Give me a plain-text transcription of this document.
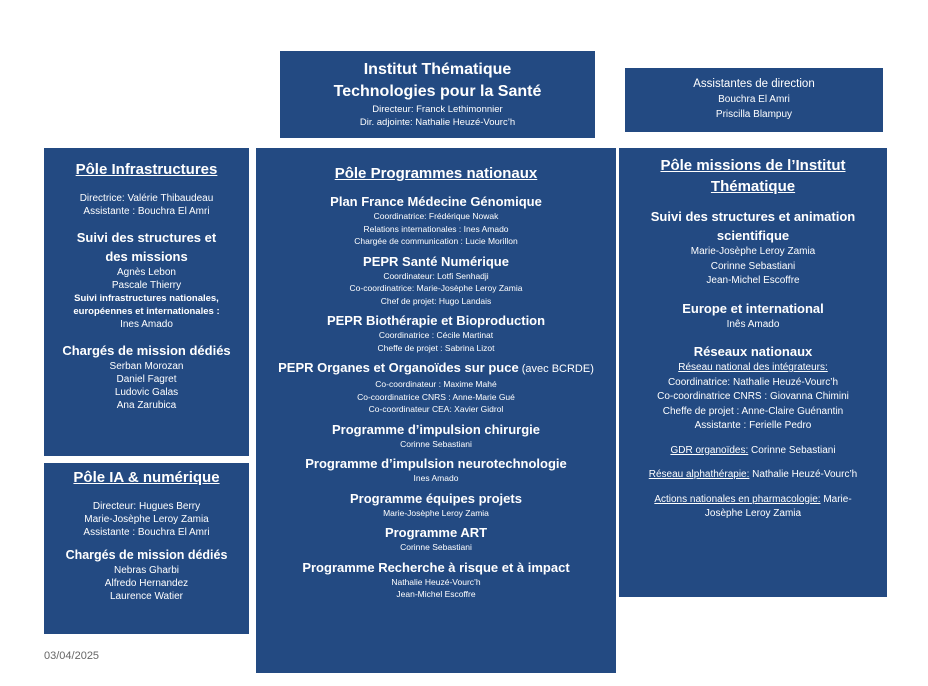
Institut Thématique
Technologies pour la Santé
Directeur: Franck Lethimonnier
Dir. adjointe: Nathalie Heuzé-Vourc’h
Assistantes de direction
Bouchra El Amri
Priscilla Blampuy
Pôle Infrastructures
Directrice: Valérie Thibaudeau
Assistante : Bouchra El Amri
Suivi des structures et
des missions
Agnès Lebon
Pascale Thierry
Suivi infrastructures nationales,
européennes et internationales :
Ines Amado
Chargés de mission dédiés
Serban Morozan
Daniel Fagret
Ludovic Galas
Ana Zarubica
Pôle IA & numérique
Directeur: Hugues Berry
Marie-Josèphe Leroy Zamia
Assistante : Bouchra El Amri
Chargés de mission dédiés
Nebras Gharbi
Alfredo Hernandez
Laurence Watier
Pôle Programmes nationaux
Plan France Médecine Génomique
Coordinatrice: Frédérique Nowak
Relations internationales : Ines Amado
Chargée de communication : Lucie Morillon
PEPR Santé Numérique
Coordinateur: Lotfi Senhadji
Co-coordinatrice: Marie-Josèphe Leroy Zamia
Chef de projet: Hugo Landais
PEPR Biothérapie et Bioproduction
Coordinatrice : Cécile Martinat
Cheffe de projet : Sabrina Lizot
PEPR Organes et Organoïdes sur puce (avec BCRDE)
Co-coordinateur : Maxime Mahé
Co-coordinatrice CNRS : Anne-Marie Gué
Co-coordinateur CEA: Xavier Gidrol
Programme d’impulsion chirurgie
Corinne Sebastiani
Programme d’impulsion neurotechnologie
Ines Amado
Programme équipes projets
Marie-Josèphe Leroy Zamia
Programme ART
Corinne Sebastiani
Programme Recherche à risque et à impact
Nathalie Heuzé-Vourc’h
Jean-Michel Escoffre
Pôle missions de l’Institut
Thématique
Suivi des structures et animation
scientifique
Marie-Josèphe Leroy Zamia
Corinne Sebastiani
Jean-Michel Escoffre
Europe et international
Inês Amado
Réseaux nationaux
Réseau national des intégrateurs:
Coordinatrice: Nathalie Heuzé-Vourc’h
Co-coordinatrice CNRS : Giovanna Chimini
Cheffe de projet : Anne-Claire Guénantin
Assistante : Ferielle Pedro
GDR organoïdes: Corinne Sebastiani
Réseau alphathérapie: Nathalie Heuzé-Vourc’h
Actions nationales en pharmacologie: Marie-
Josèphe Leroy Zamia
03/04/2025
